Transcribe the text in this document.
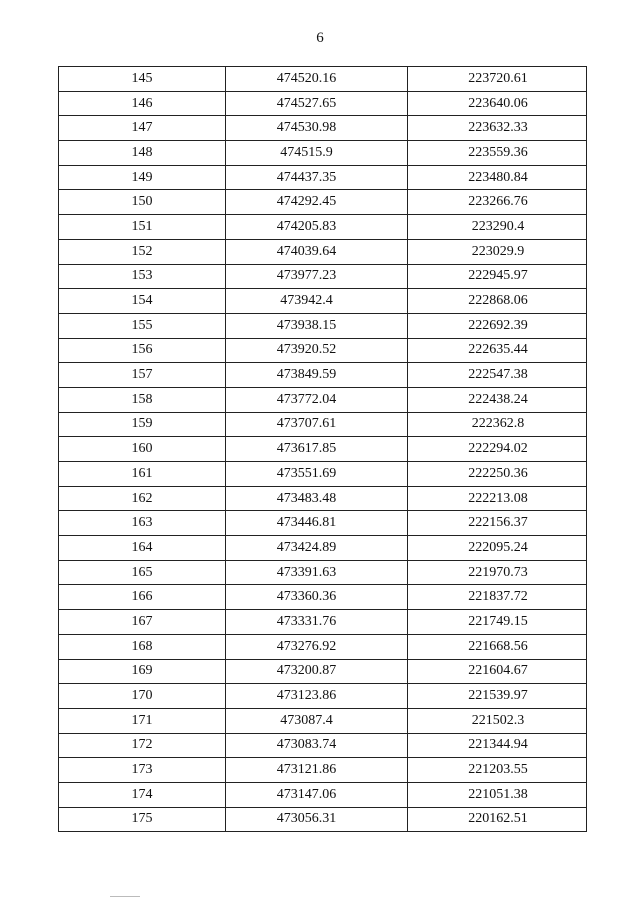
6
145	474520.16	223720.61
146	474527.65	223640.06
147	474530.98	223632.33
148	474515.9	223559.36
149	474437.35	223480.84
150	474292.45	223266.76
151	474205.83	223290.4
152	474039.64	223029.9
153	473977.23	222945.97
154	473942.4	222868.06
155	473938.15	222692.39
156	473920.52	222635.44
157	473849.59	222547.38
158	473772.04	222438.24
159	473707.61	222362.8
160	473617.85	222294.02
161	473551.69	222250.36
162	473483.48	222213.08
163	473446.81	222156.37
164	473424.89	222095.24
165	473391.63	221970.73
166	473360.36	221837.72
167	473331.76	221749.15
168	473276.92	221668.56
169	473200.87	221604.67
170	473123.86	221539.97
171	473087.4	221502.3
172	473083.74	221344.94
173	473121.86	221203.55
174	473147.06	221051.38
175	473056.31	220162.51
